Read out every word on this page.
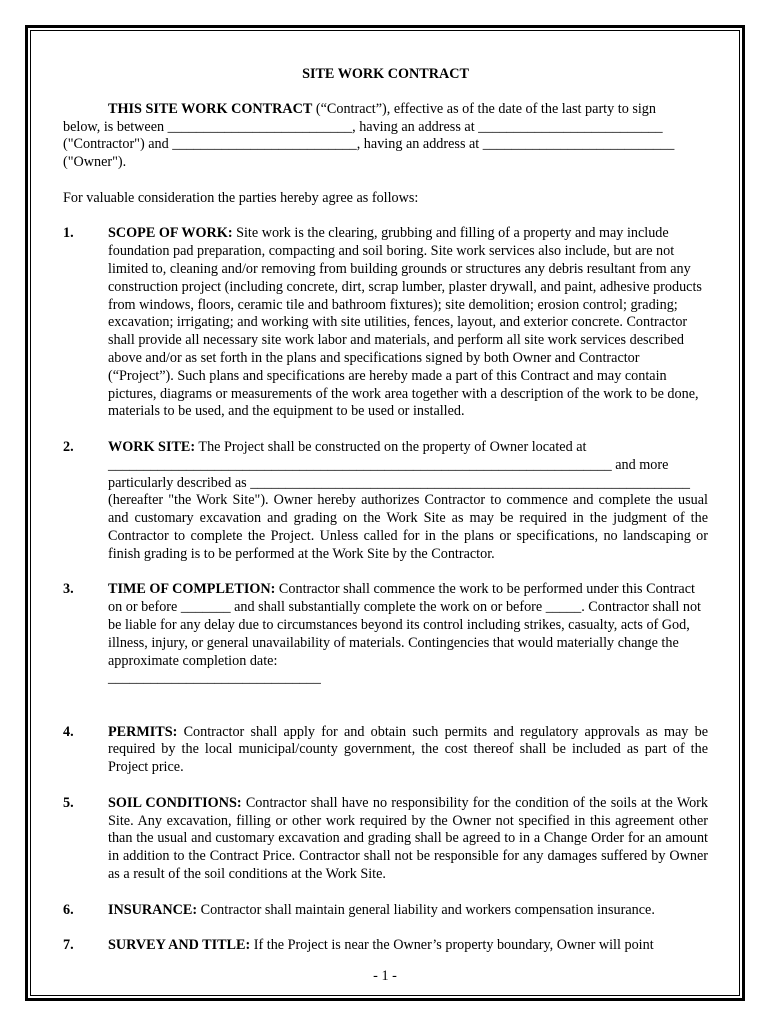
SITE WORK CONTRACT

THIS SITE WORK CONTRACT (“Contract”), effective as of the date of the last party to sign

below, is between __________________________, having an address at __________________________

("Contractor") and __________________________, having an address at ___________________________

("Owner").

For valuable consideration the parties hereby agree as follows:

1. SCOPE OF WORK: Site work is the clearing, grubbing and filling of a property and may include foundation pad preparation, compacting and soil boring. Site work services also include, but are not limited to, cleaning and/or removing from building grounds or structures any debris resultant from any construction project (including concrete, dirt, scrap lumber, plaster drywall, and paint, adhesive products from windows, floors, ceramic tile and bathroom fixtures); site demolition; erosion control; grading; excavation; irrigating; and working with site utilities, fences, layout, and exterior concrete. Contractor shall provide all necessary site work labor and materials, and perform all site work services described above and/or as set forth in the plans and specifications signed by both Owner and Contractor (“Project”). Such plans and specifications are hereby made a part of this Contract and may contain pictures, diagrams or measurements of the work area together with a description of the work to be done, materials to be used, and the equipment to be used or installed.
2. WORK SITE: The Project shall be constructed on the property of Owner located at
_______________________________________________________________________ and more
particularly described as ______________________________________________________________
(hereafter "the Work Site"). Owner hereby authorizes Contractor to commence and complete the usual and customary excavation and grading on the Work Site as may be required in the judgment of the Contractor to complete the Project. Unless called for in the plans or specifications, no landscaping or finish grading is to be performed at the Work Site by the Contractor.
3. TIME OF COMPLETION: Contractor shall commence the work to be performed under this Contract on or before _______ and shall substantially complete the work on or before _____. Contractor shall not be liable for any delay due to circumstances beyond its control including strikes, casualty, acts of God, illness, injury, or general unavailability of materials. Contingencies that would materially change the approximate completion date:
______________________________
4. PERMITS: Contractor shall apply for and obtain such permits and regulatory approvals as may be required by the local municipal/county government, the cost thereof shall be included as part of the Project price.
5. SOIL CONDITIONS: Contractor shall have no responsibility for the condition of the soils at the Work Site. Any excavation, filling or other work required by the Owner not specified in this agreement other than the usual and customary excavation and grading shall be agreed to in a Change Order for an amount in addition to the Contract Price. Contractor shall not be responsible for any damages suffered by Owner as a result of the soil conditions at the Work Site.
6. INSURANCE: Contractor shall maintain general liability and workers compensation insurance.
7. SURVEY AND TITLE: If the Project is near the Owner’s property boundary, Owner will point
- 1 -
